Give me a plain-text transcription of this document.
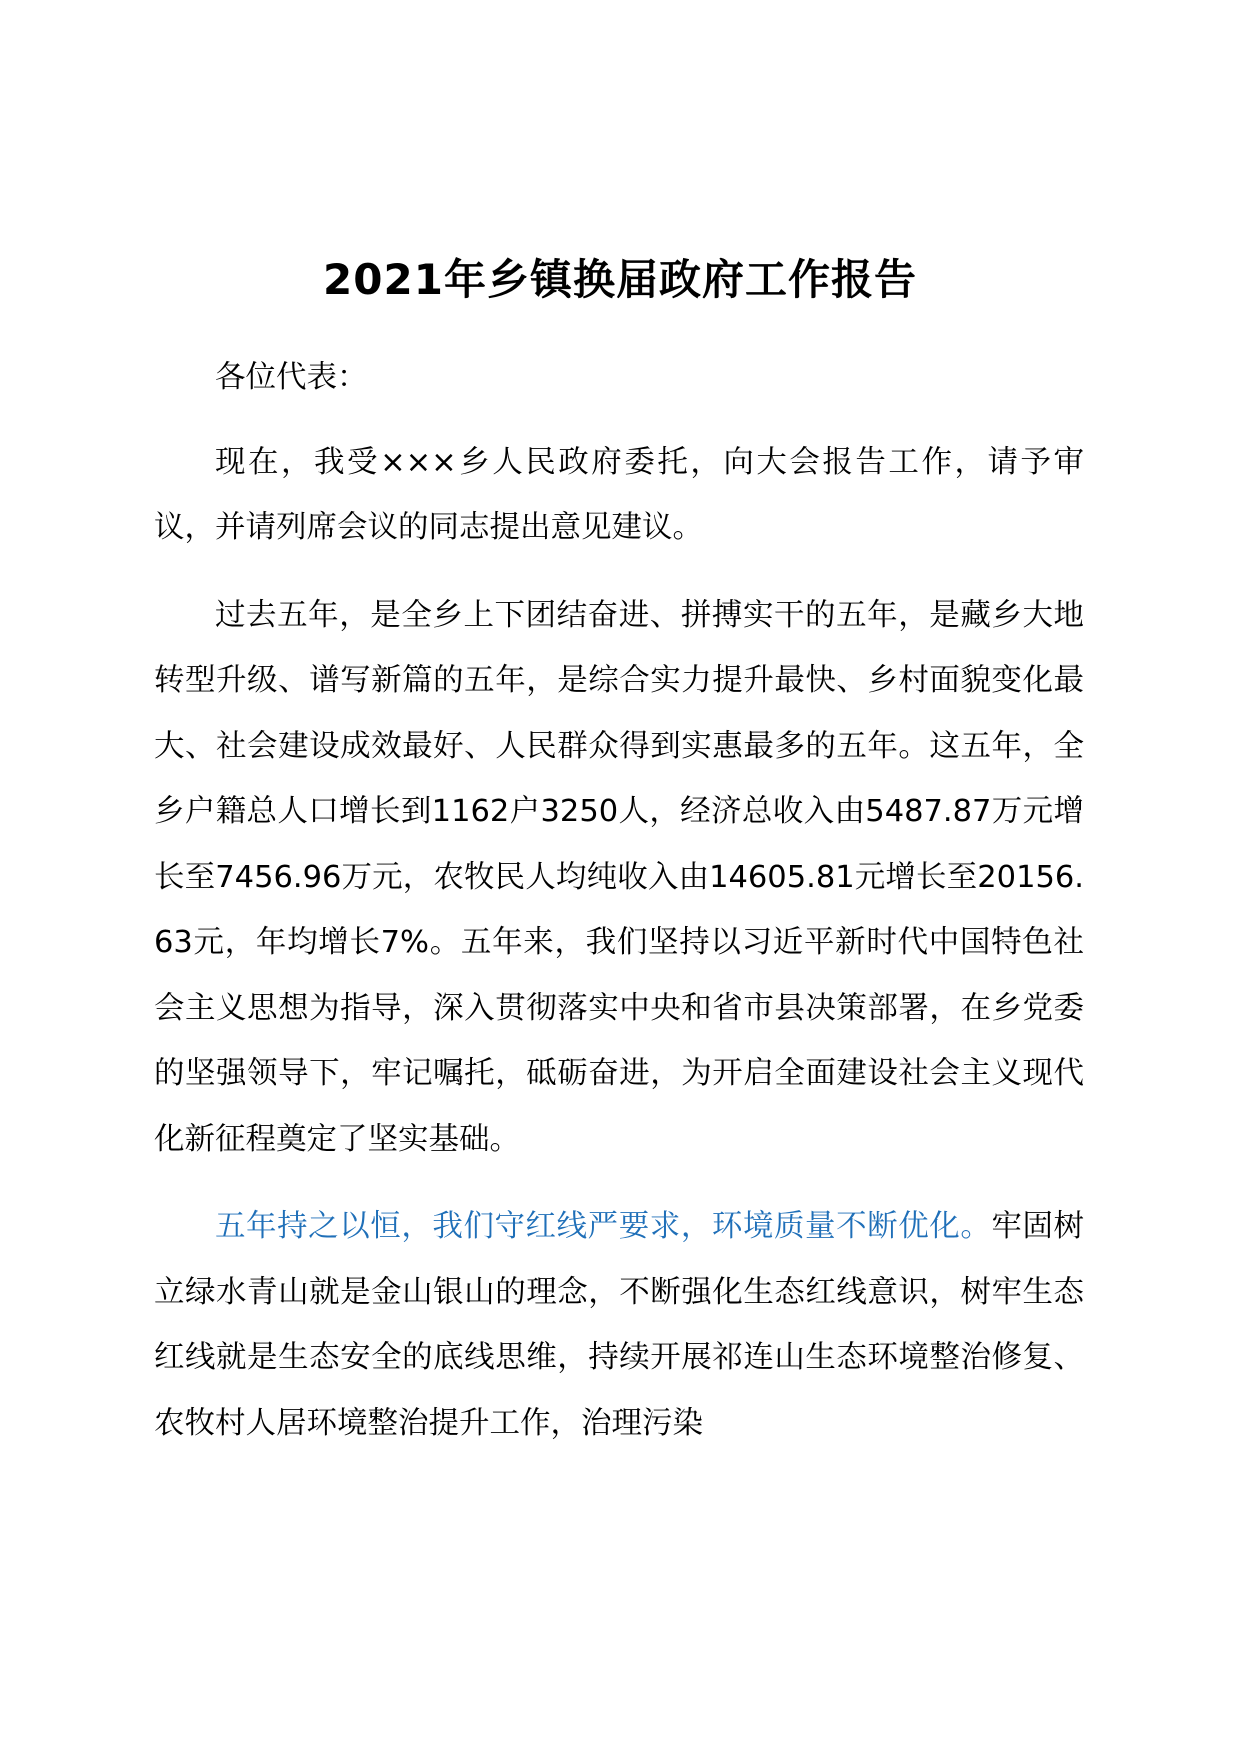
2021年乡镇换届政府工作报告

各位代表：

现在，我受×××乡人民政府委托，向大会报告工作，请予审议，并请列席会议的同志提出意见建议。

过去五年，是全乡上下团结奋进、拼搏实干的五年，是藏乡大地转型升级、谱写新篇的五年，是综合实力提升最快、乡村面貌变化最大、社会建设成效最好、人民群众得到实惠最多的五年。这五年，全乡户籍总人口增长到1162户3250人，经济总收入由5487.87万元增长至7456.96万元，农牧民人均纯收入由14605.81元增长至20156.63元，年均增长7%。五年来，我们坚持以习近平新时代中国特色社会主义思想为指导，深入贯彻落实中央和省市县决策部署，在乡党委的坚强领导下，牢记嘱托，砥砺奋进，为开启全面建设社会主义现代化新征程奠定了坚实基础。

五年持之以恒，我们守红线严要求，环境质量不断优化。牢固树立绿水青山就是金山银山的理念，不断强化生态红线意识，树牢生态红线就是生态安全的底线思维，持续开展祁连山生态环境整治修复、农牧村人居环境整治提升工作，治理污染
